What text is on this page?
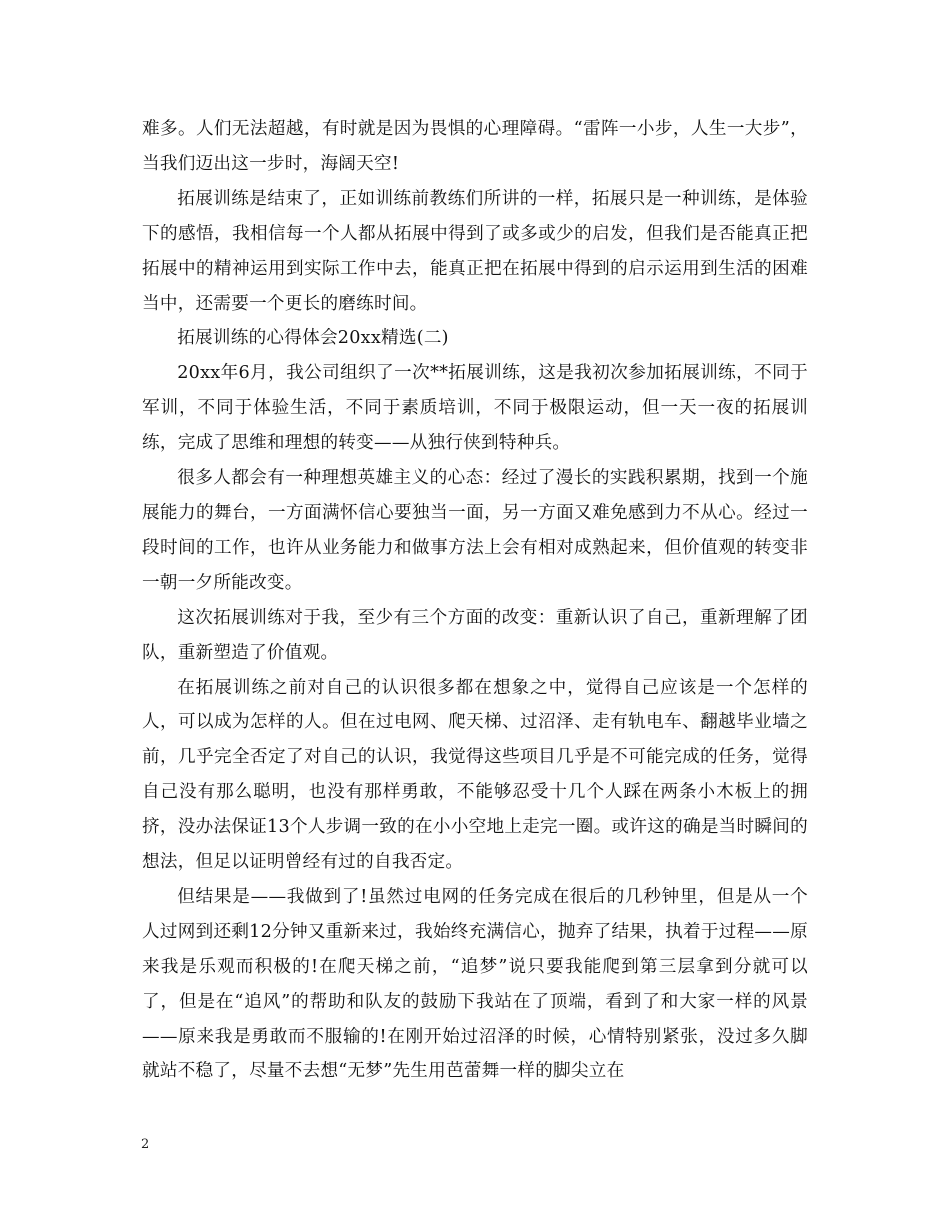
难多。人们无法超越，有时就是因为畏惧的心理障碍。“雷阵一小步，人生一大步”，当我们迈出这一步时，海阔天空!

拓展训练是结束了，正如训练前教练们所讲的一样，拓展只是一种训练，是体验下的感悟，我相信每一个人都从拓展中得到了或多或少的启发，但我们是否能真正把拓展中的精神运用到实际工作中去，能真正把在拓展中得到的启示运用到生活的困难当中，还需要一个更长的磨练时间。

拓展训练的心得体会20xx精选(二)

20xx年6月，我公司组织了一次**拓展训练，这是我初次参加拓展训练，不同于军训，不同于体验生活，不同于素质培训，不同于极限运动，但一天一夜的拓展训练，完成了思维和理想的转变——从独行侠到特种兵。

很多人都会有一种理想英雄主义的心态：经过了漫长的实践积累期，找到一个施展能力的舞台，一方面满怀信心要独当一面，另一方面又难免感到力不从心。经过一段时间的工作，也许从业务能力和做事方法上会有相对成熟起来，但价值观的转变非一朝一夕所能改变。

这次拓展训练对于我，至少有三个方面的改变：重新认识了自己，重新理解了团队，重新塑造了价值观。

在拓展训练之前对自己的认识很多都在想象之中，觉得自己应该是一个怎样的人，可以成为怎样的人。但在过电网、爬天梯、过沼泽、走有轨电车、翻越毕业墙之前，几乎完全否定了对自己的认识，我觉得这些项目几乎是不可能完成的任务，觉得自己没有那么聪明，也没有那样勇敢，不能够忍受十几个人踩在两条小木板上的拥挤，没办法保证13个人步调一致的在小小空地上走完一圈。或许这的确是当时瞬间的想法，但足以证明曾经有过的自我否定。

但结果是——我做到了!虽然过电网的任务完成在很后的几秒钟里，但是从一个人过网到还剩12分钟又重新来过，我始终充满信心，抛弃了结果，执着于过程——原来我是乐观而积极的!在爬天梯之前，“追梦”说只要我能爬到第三层拿到分就可以了，但是在“追风”的帮助和队友的鼓励下我站在了顶端，看到了和大家一样的风景——原来我是勇敢而不服输的!在刚开始过沼泽的时候，心情特别紧张，没过多久脚就站不稳了，尽量不去想“无梦”先生用芭蕾舞一样的脚尖立在

2
